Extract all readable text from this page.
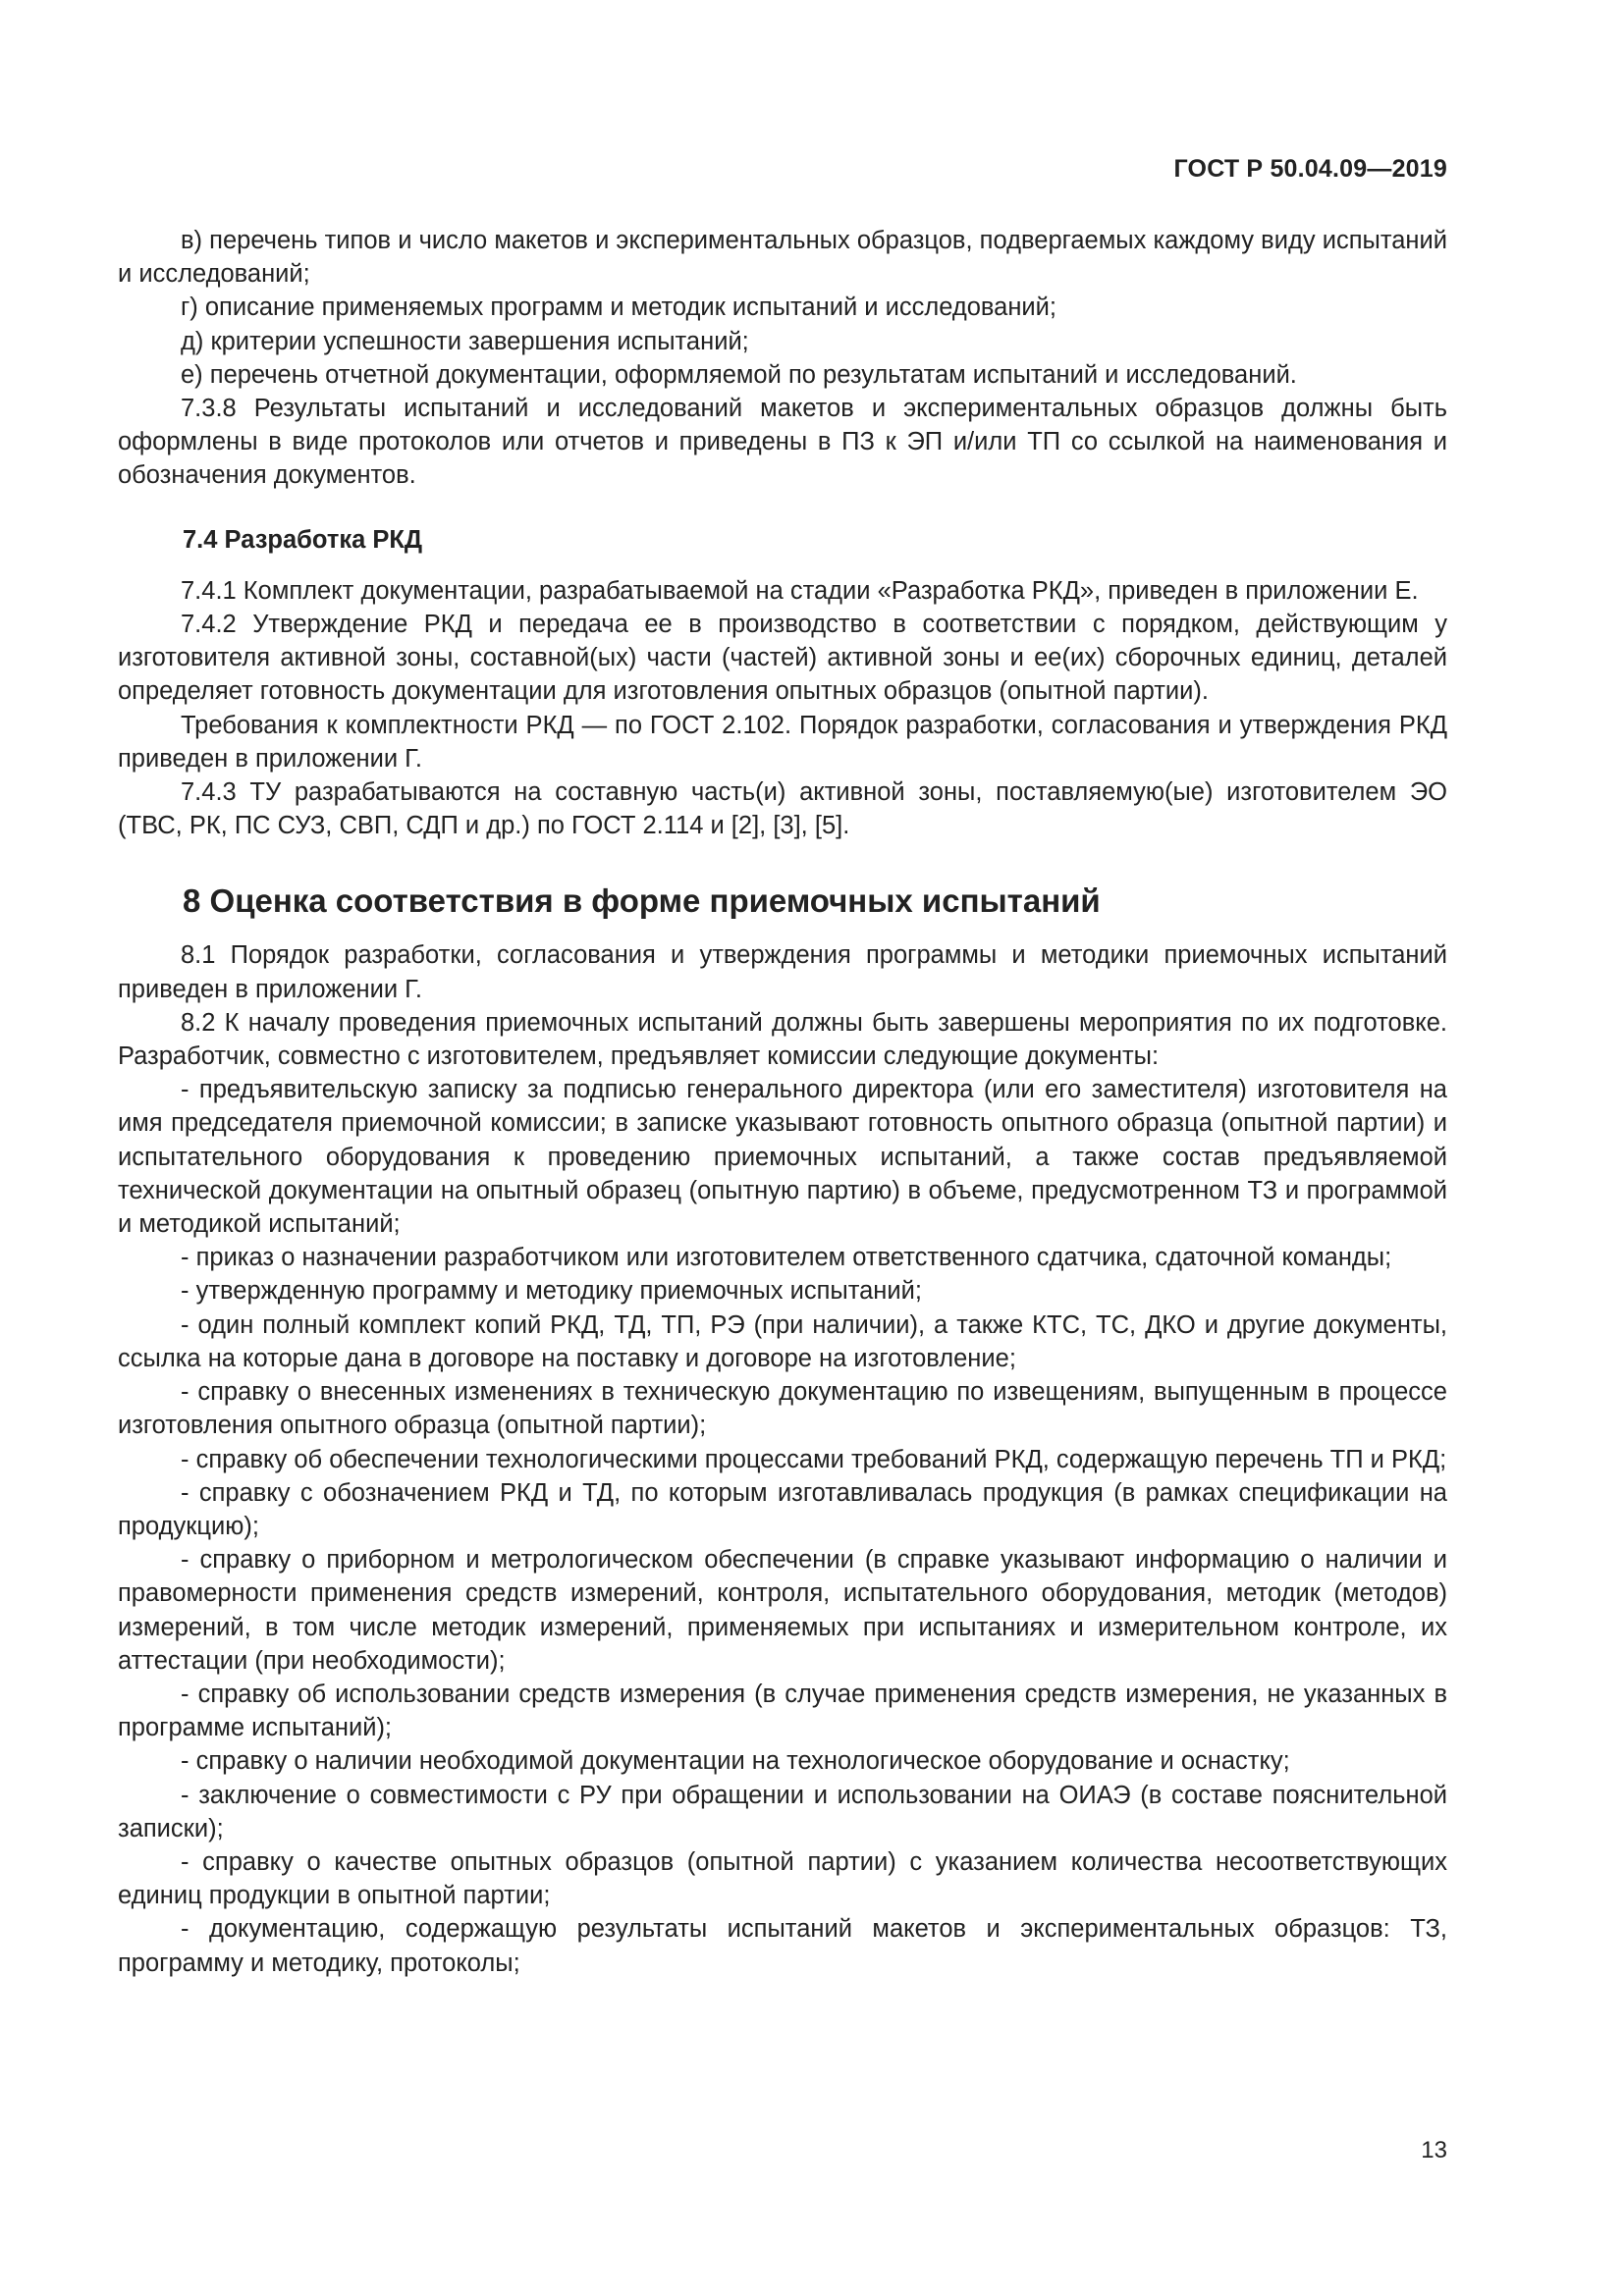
ГОСТ Р 50.04.09—2019
в) перечень типов и число макетов и экспериментальных образцов, подвергаемых каждому виду испытаний и исследований;
г) описание применяемых программ и методик испытаний и исследований;
д) критерии успешности завершения испытаний;
е) перечень отчетной документации, оформляемой по результатам испытаний и исследований.
7.3.8 Результаты испытаний и исследований макетов и экспериментальных образцов должны быть оформлены в виде протоколов или отчетов и приведены в ПЗ к ЭП и/или ТП со ссылкой на наименования и обозначения документов.
7.4 Разработка РКД
7.4.1 Комплект документации, разрабатываемой на стадии «Разработка РКД», приведен в приложении Е.
7.4.2 Утверждение РКД и передача ее в производство в соответствии с порядком, действующим у изготовителя активной зоны, составной(ых) части (частей) активной зоны и ее(их) сборочных единиц, деталей определяет готовность документации для изготовления опытных образцов (опытной партии).
Требования к комплектности РКД — по ГОСТ 2.102. Порядок разработки, согласования и утверждения РКД приведен в приложении Г.
7.4.3 ТУ разрабатываются на составную часть(и) активной зоны, поставляемую(ые) изготовителем ЭО (ТВС, РК, ПС СУЗ, СВП, СДП и др.) по ГОСТ 2.114 и [2], [3], [5].
8 Оценка соответствия в форме приемочных испытаний
8.1 Порядок разработки, согласования и утверждения программы и методики приемочных испытаний приведен в приложении Г.
8.2 К началу проведения приемочных испытаний должны быть завершены мероприятия по их подготовке. Разработчик, совместно с изготовителем, предъявляет комиссии следующие документы:
- предъявительскую записку за подписью генерального директора (или его заместителя) изготовителя на имя председателя приемочной комиссии; в записке указывают готовность опытного образца (опытной партии) и испытательного оборудования к проведению приемочных испытаний, а также состав предъявляемой технической документации на опытный образец (опытную партию) в объеме, предусмотренном ТЗ и программой и методикой испытаний;
- приказ о назначении разработчиком или изготовителем ответственного сдатчика, сдаточной команды;
- утвержденную программу и методику приемочных испытаний;
- один полный комплект копий РКД, ТД, ТП, РЭ (при наличии), а также КТС, ТС, ДКО и другие документы, ссылка на которые дана в договоре на поставку и договоре на изготовление;
- справку о внесенных изменениях в техническую документацию по извещениям, выпущенным в процессе изготовления опытного образца (опытной партии);
- справку об обеспечении технологическими процессами требований РКД, содержащую перечень ТП и РКД;
- справку с обозначением РКД и ТД, по которым изготавливалась продукция (в рамках спецификации на продукцию);
- справку о приборном и метрологическом обеспечении (в справке указывают информацию о наличии и правомерности применения средств измерений, контроля, испытательного оборудования, методик (методов) измерений, в том числе методик измерений, применяемых при испытаниях и измерительном контроле, их аттестации (при необходимости);
- справку об использовании средств измерения (в случае применения средств измерения, не указанных в программе испытаний);
- справку о наличии необходимой документации на технологическое оборудование и оснастку;
- заключение о совместимости с РУ при обращении и использовании на ОИАЭ (в составе пояснительной записки);
- справку о качестве опытных образцов (опытной партии) с указанием количества несоответствующих единиц продукции в опытной партии;
- документацию, содержащую результаты испытаний макетов и экспериментальных образцов: ТЗ, программу и методику, протоколы;
13
